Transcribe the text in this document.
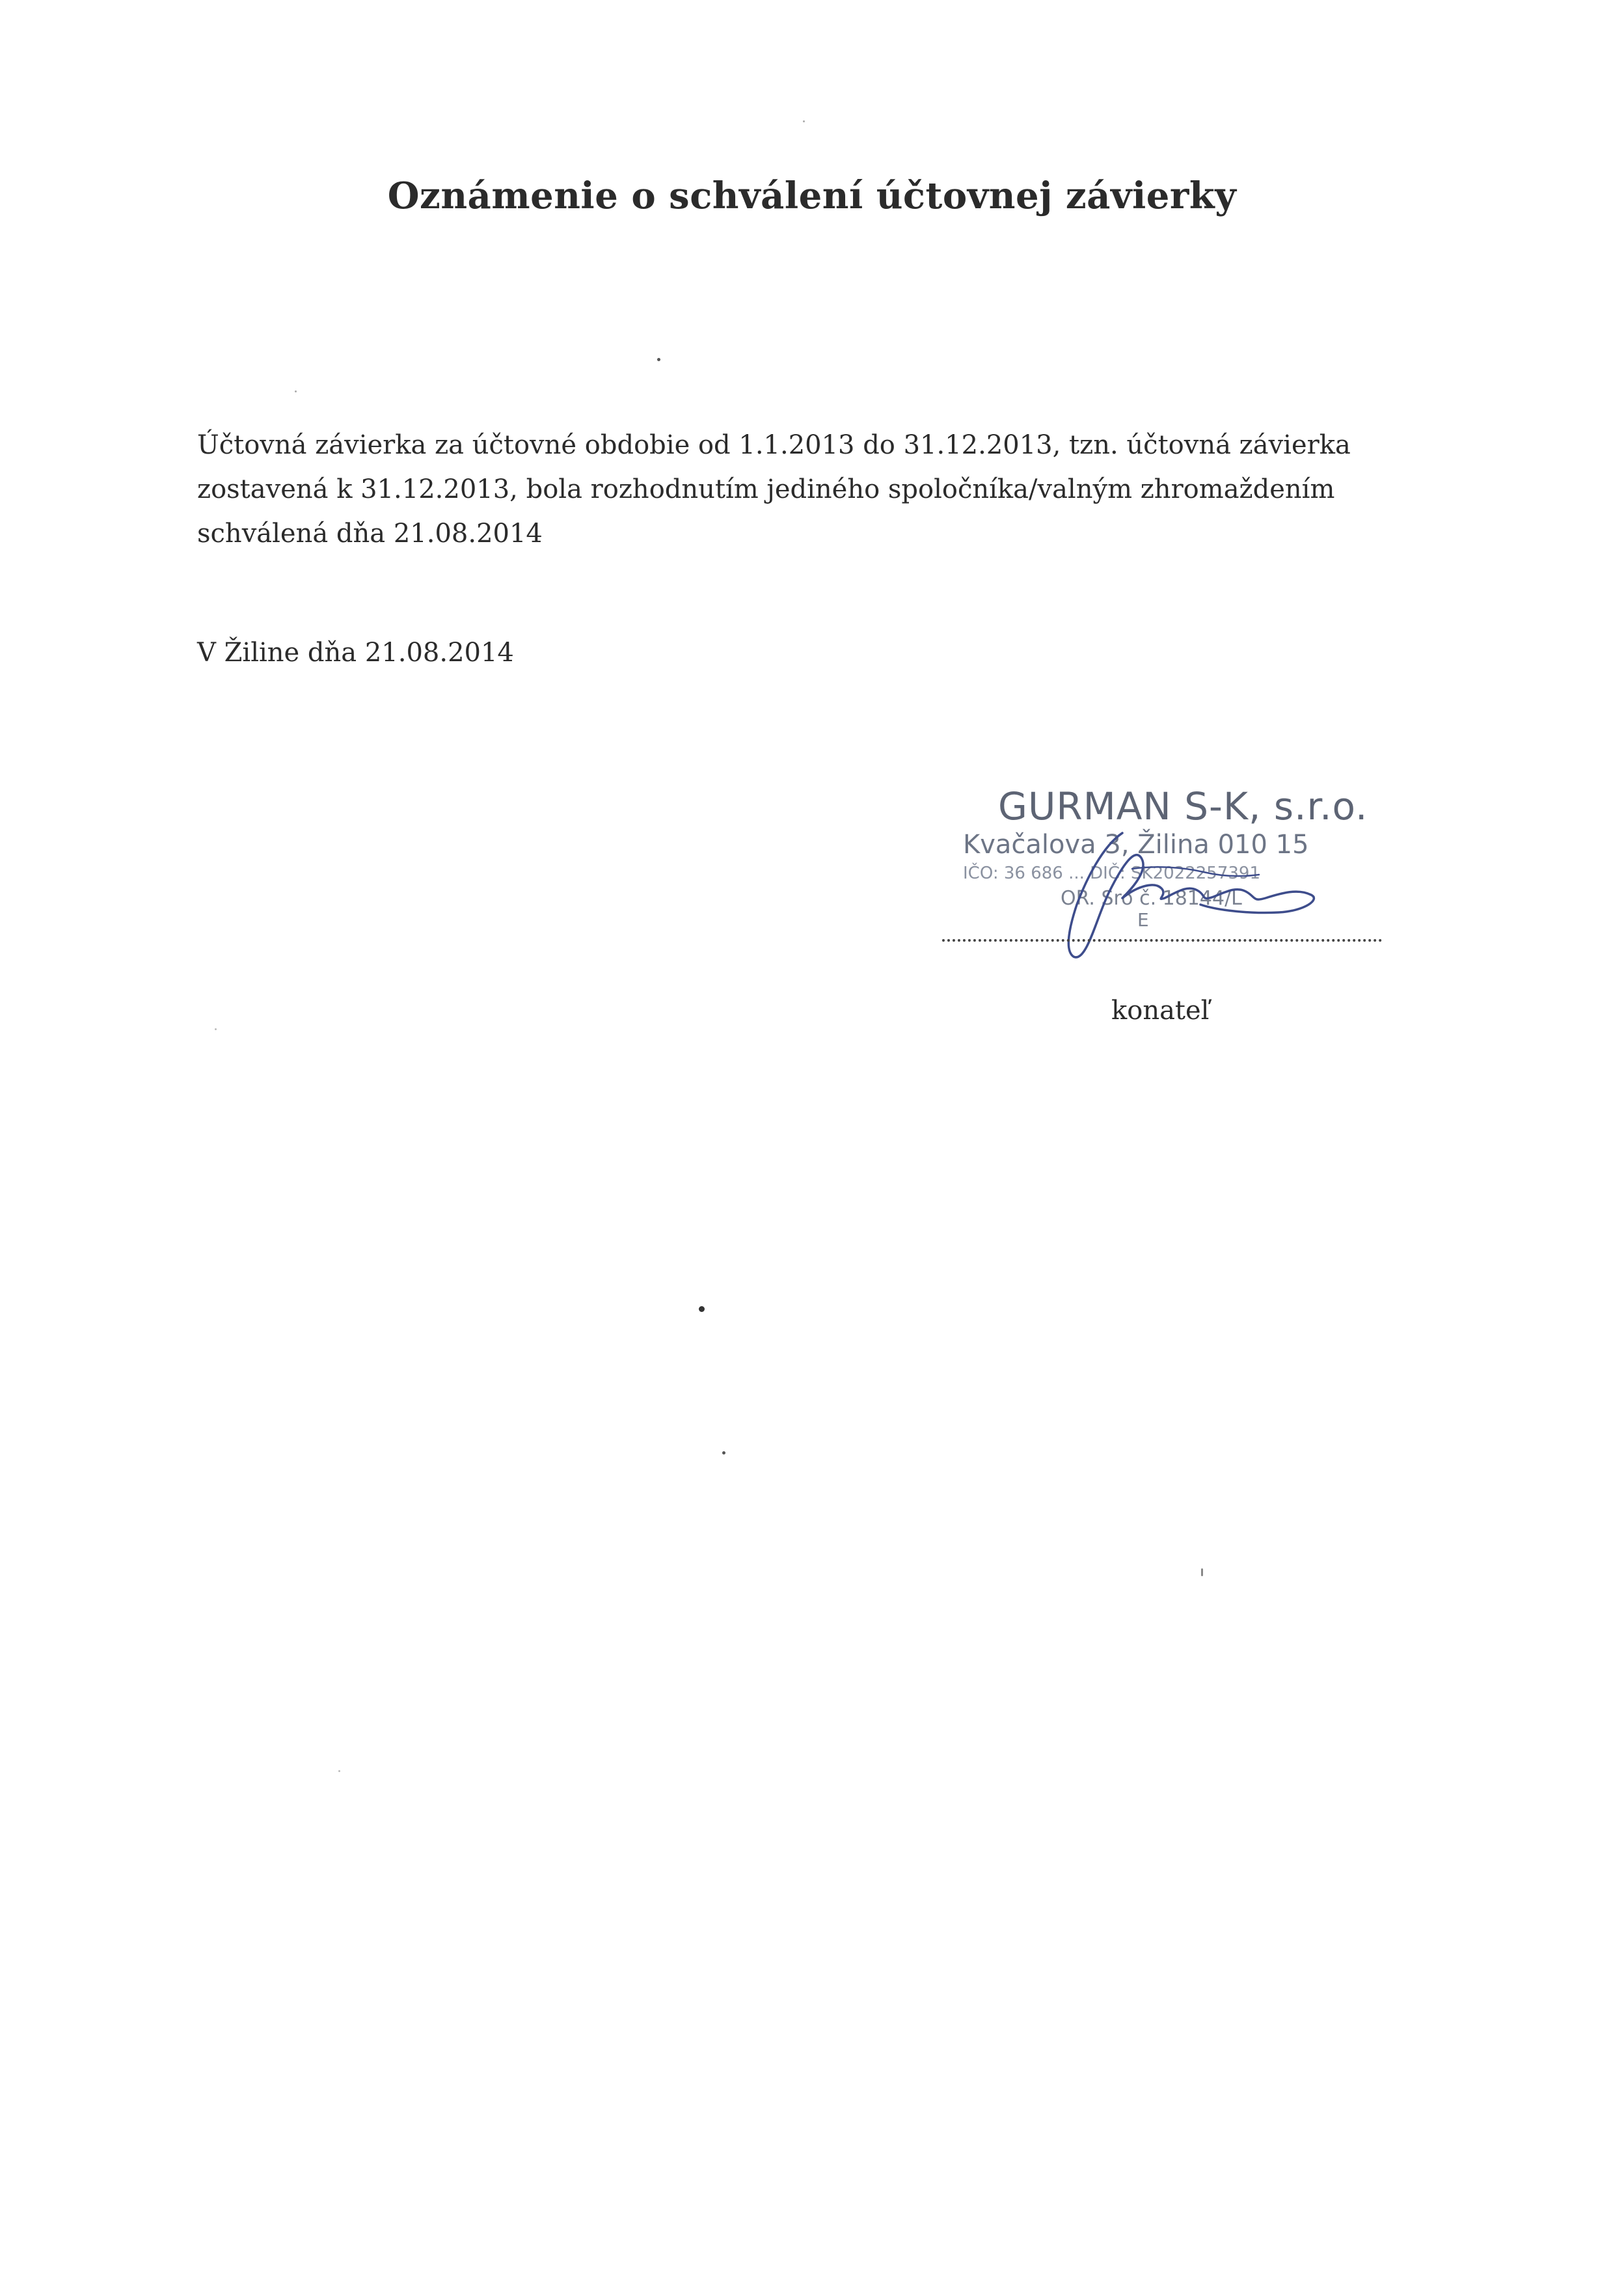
Oznámenie o schválení účtovnej závierky
Účtovná závierka za účtovné obdobie od 1.1.2013 do 31.12.2013, tzn. účtovná závierka
zostavená k 31.12.2013, bola rozhodnutím jediného spoločníka/valným zhromaždením
schválená dňa 21.08.2014
V Žiline dňa 21.08.2014
GURMAN S-K, s.r.o.
Kvačalova 3, Žilina 010 15
IČO: 36 686 ... DIČ: SK2022257391
OR. Sro č. 18144/L
E
konateľ
